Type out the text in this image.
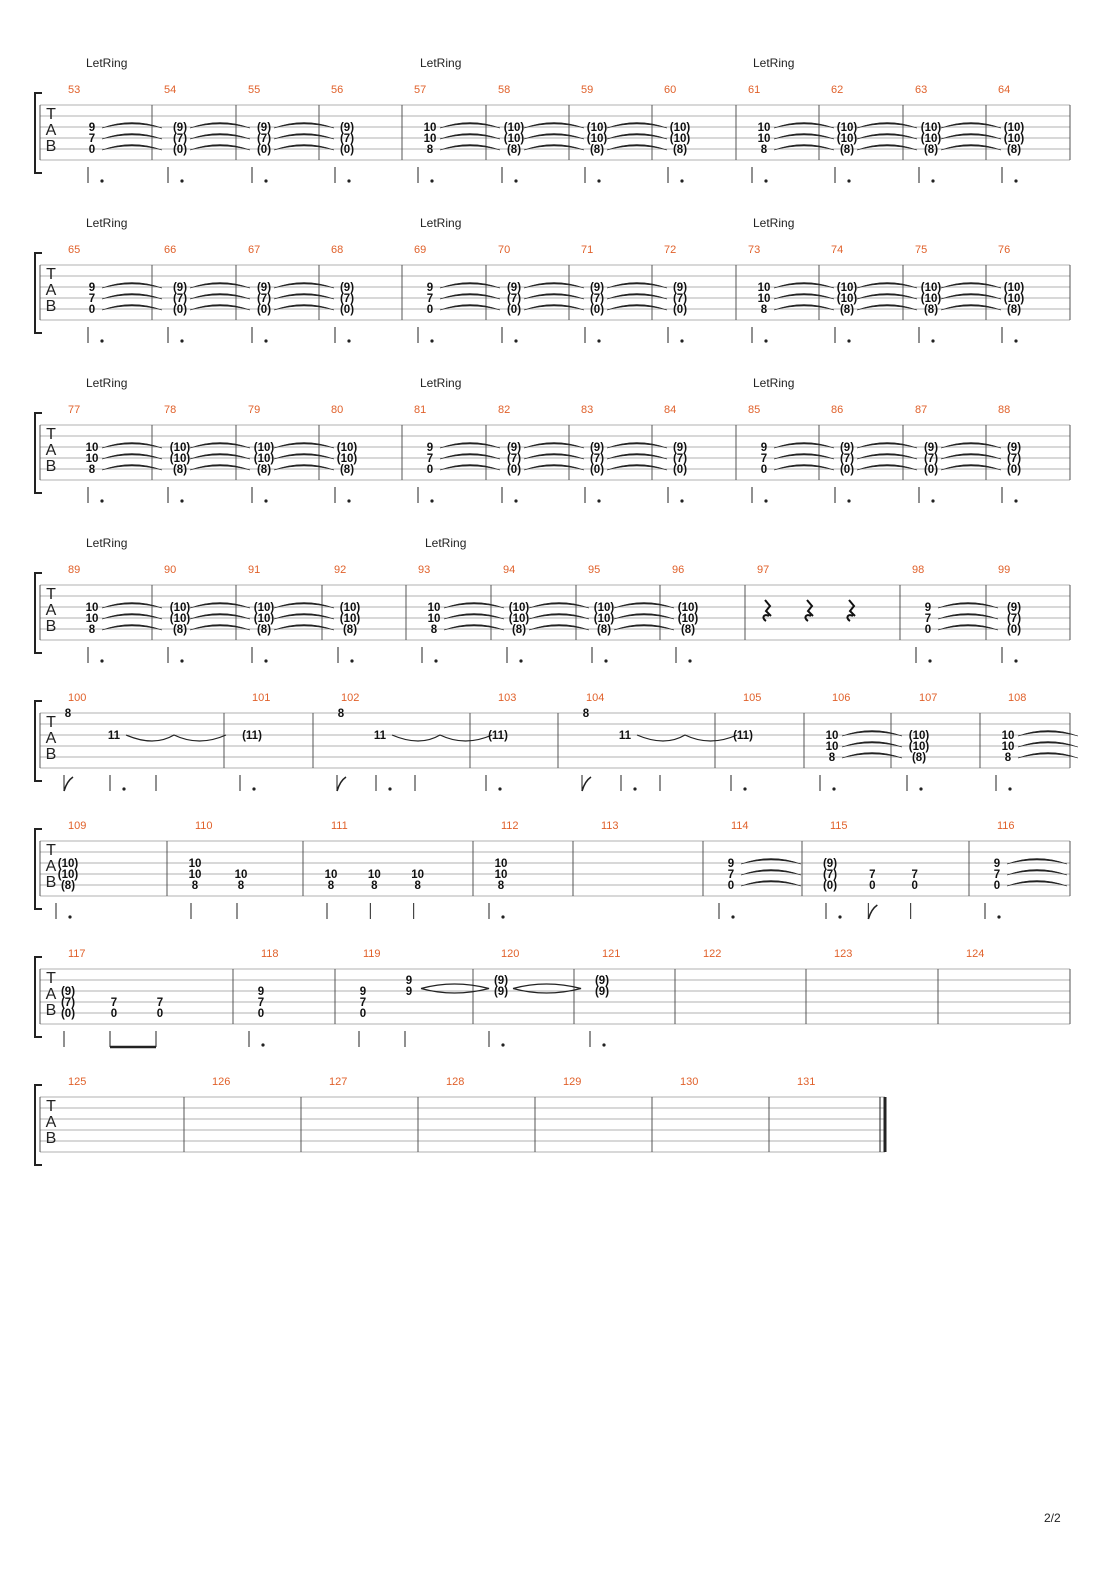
T
A
B
LetRing	LetRing	LetRing
53
9
7
0
54
(9)
(7)
(0)
55
(9)
(7)
(0)
56
(9)
(7)
(0)
57
10
10
8
58
(10)
(10)
(8)
59
(10)
(10)
(8)
60
(10)
(10)
(8)
61
10
10
8
62
(10)
(10)
(8)
63
(10)
(10)
(8)
64
(10)
(10)
(8)
T
A
B
LetRing	LetRing	LetRing
65
9
7
0
66
(9)
(7)
(0)
67
(9)
(7)
(0)
68
(9)
(7)
(0)
69
9
7
0
70
(9)
(7)
(0)
71
(9)
(7)
(0)
72
(9)
(7)
(0)
73
10
10
8
74
(10)
(10)
(8)
75
(10)
(10)
(8)
76
(10)
(10)
(8)
T
A
B
LetRing	LetRing	LetRing
77
10
10
8
78
(10)
(10)
(8)
79
(10)
(10)
(8)
80
(10)
(10)
(8)
81
9
7
0
82
(9)
(7)
(0)
83
(9)
(7)
(0)
84
(9)
(7)
(0)
85
9
7
0
86
(9)
(7)
(0)
87
(9)
(7)
(0)
88
(9)
(7)
(0)
T
A
B
LetRing	LetRing
89
10
10
8
90
(10)
(10)
(8)
91
(10)
(10)
(8)
92
(10)
(10)
(8)
93
10
10
8
94
(10)
(10)
(8)
95
(10)
(10)
(8)
96
(10)
(10)
(8)
97	98
9
7
0
99
(9)
(7)
(0)
T
A
B
100
8
11
101
(11)
102
8
11
103
(11)
104
8
11
105
(11)
106
10
10
8
107
(10)
(10)
(8)
108
10
10
8
T
A
B
109
(10)
(10)
(8)
110
10
10
8
10
8
111
10
8
10
8
10
8
112
10
10
8
113	114
9
7
0
115
(9)
(7)
(0)
7
0
7
0
116
9
7
0
T
A
B
117
(9)
(7)
(0)
7
0
7
0
118
9
7
0
119
9
7
0
9
9
120
(9)
(9)
121
(9)
(9)
122	123	124
T
A
B
125	126	127	128	129	130	131
2/2
